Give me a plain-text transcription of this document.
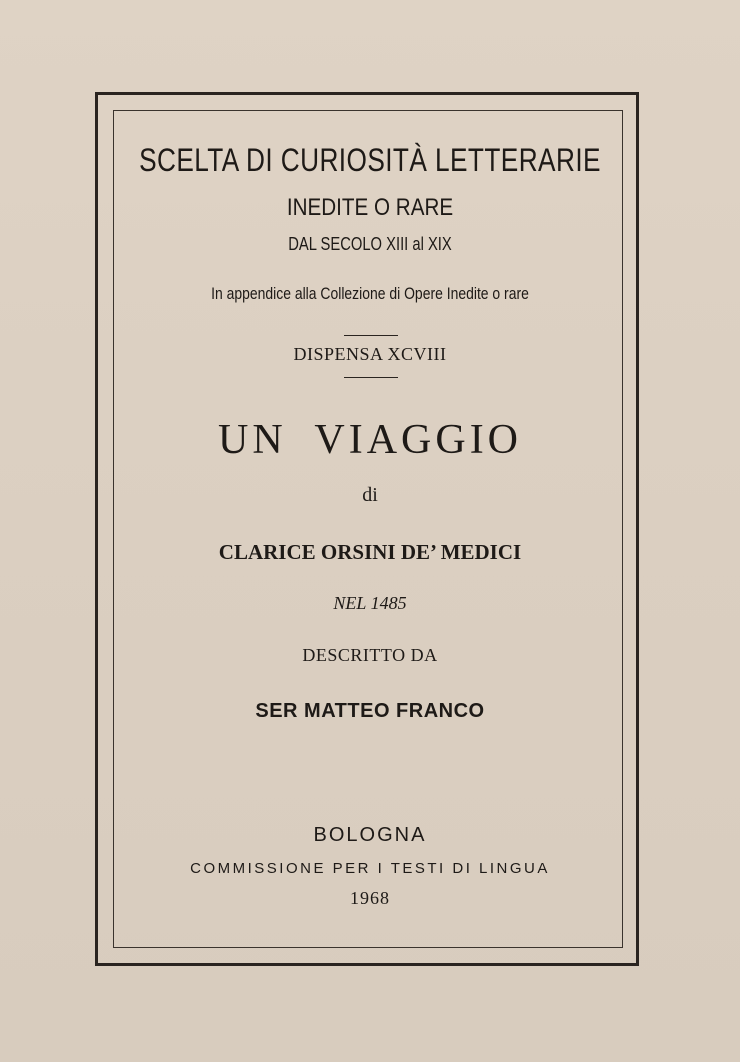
SCELTA DI CURIOSITÀ LETTERARIE
INEDITE O RARE
DAL SECOLO XIII al XIX
In appendice alla Collezione di Opere Inedite o rare
DISPENSA XCVIII
UN VIAGGIO
di
CLARICE ORSINI DE’ MEDICI
NEL 1485
DESCRITTO DA
SER MATTEO FRANCO
BOLOGNA
COMMISSIONE PER I TESTI DI LINGUA
1968
